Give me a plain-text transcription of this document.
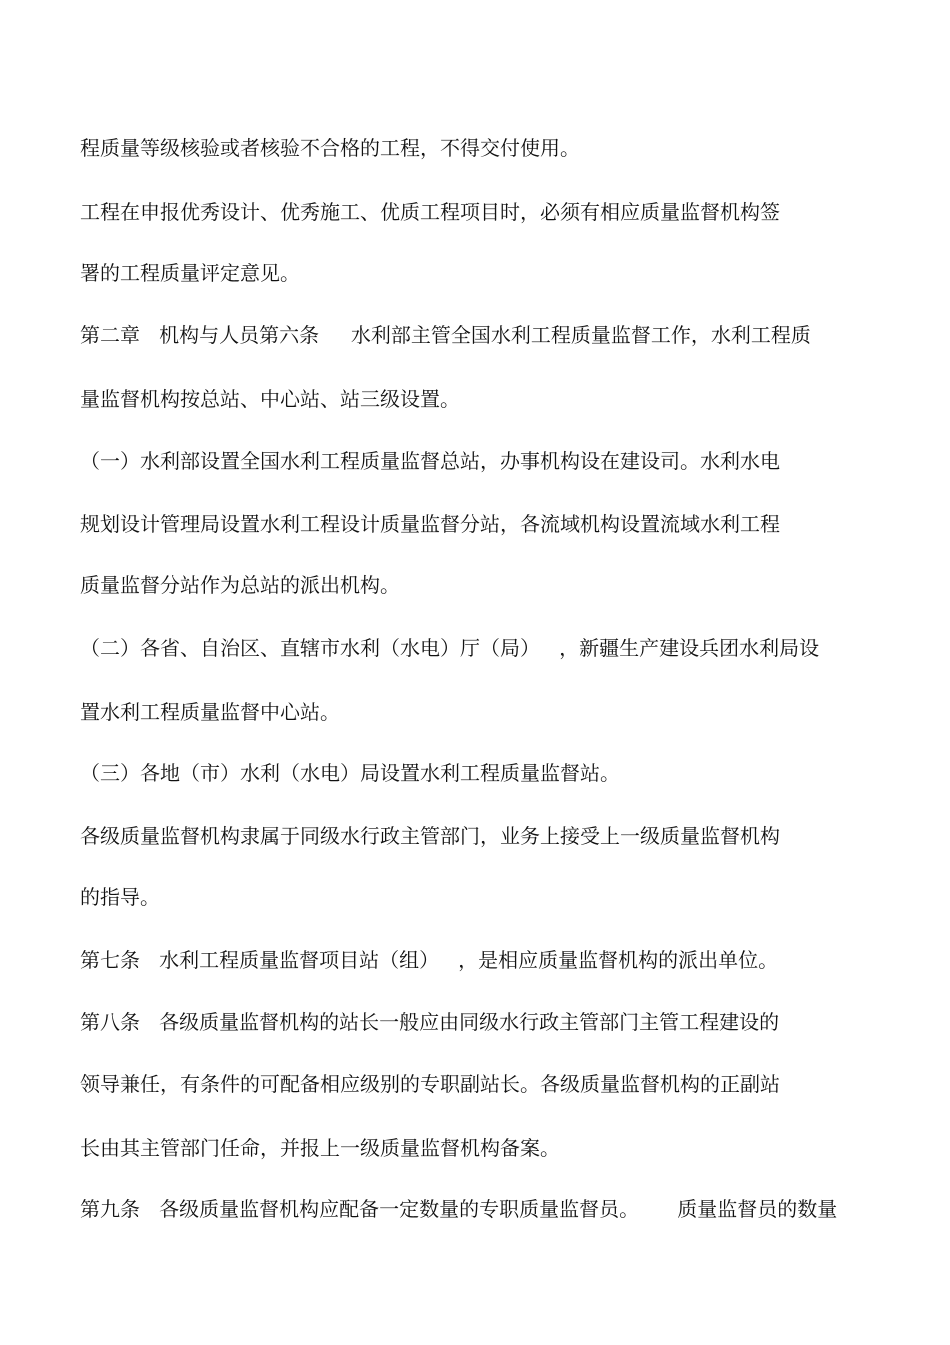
程质量等级核验或者核验不合格的工程，不得交付使用。
工程在申报优秀设计、优秀施工、优质工程项目时，必须有相应质量监督机构签
署的工程质量评定意见。
第二章   机构与人员第六条     水利部主管全国水利工程质量监督工作，水利工程质
量监督机构按总站、中心站、站三级设置。
（一）水利部设置全国水利工程质量监督总站，办事机构设在建设司。水利水电
规划设计管理局设置水利工程设计质量监督分站，各流域机构设置流域水利工程
质量监督分站作为总站的派出机构。
（二）各省、自治区、直辖市水利（水电）厅（局）   ，新疆生产建设兵团水利局设
置水利工程质量监督中心站。
（三）各地（市）水利（水电）局设置水利工程质量监督站。
各级质量监督机构隶属于同级水行政主管部门，业务上接受上一级质量监督机构
的指导。
第七条   水利工程质量监督项目站（组）   ，是相应质量监督机构的派出单位。
第八条   各级质量监督机构的站长一般应由同级水行政主管部门主管工程建设的
领导兼任，有条件的可配备相应级别的专职副站长。各级质量监督机构的正副站
长由其主管部门任命，并报上一级质量监督机构备案。
第九条   各级质量监督机构应配备一定数量的专职质量监督员。      质量监督员的数量
